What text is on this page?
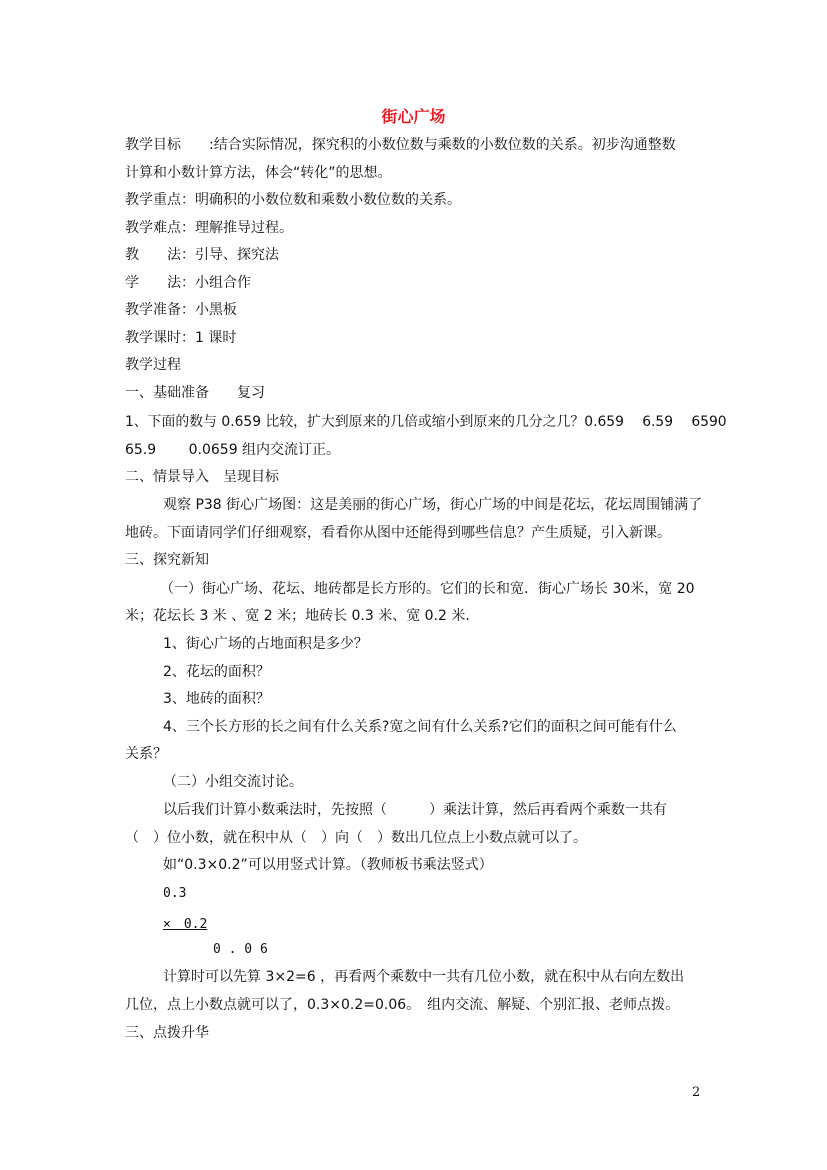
街心广场
教学目标　　:结合实际情况，探究积的小数位数与乘数的小数位数的关系。初步沟通整数
计算和小数计算方法，体会“转化”的思想。
教学重点：明确积的小数位数和乘数小数位数的关系。
教学难点：理解推导过程。
教　　法：引导、探究法
学　　法：小组合作
教学准备：小黑板
教学课时：1 课时
教学过程
一、基础准备　　复习
1、下面的数与 0.659 比较，扩大到原来的几倍或缩小到原来的几分之几？0.659　 6.59　 6590
65.9　　 0.0659 组内交流订正。
二、情景导入　呈现目标
观察 P38 街心广场图：这是美丽的街心广场，街心广场的中间是花坛，花坛周围铺满了
地砖。下面请同学们仔细观察，看看你从图中还能得到哪些信息？产生质疑，引入新课。
三、探究新知
（一）街心广场、花坛、地砖都是长方形的。它们的长和宽．街心广场长 30米，宽 20
米；花坛长 3 米 、宽 2 米；地砖长 0.3 米、宽 0.2 米.
1、街心广场的占地面积是多少？
2、花坛的面积？
3、地砖的面积？
4、三个长方形的长之间有什么关系?宽之间有什么关系?它们的面积之间可能有什么
关系？
（二）小组交流讨论。
以后我们计算小数乘法时，先按照（　　　）乘法计算，然后再看两个乘数一共有
（　）位小数，就在积中从（　）向（　）数出几位点上小数点就可以了。
如“0.3×0.2”可以用竖式计算。（教师板书乘法竖式）
0.3
×　0.2
0 . 0 6
计算时可以先算 3×2=6 ，再看两个乘数中一共有几位小数，就在积中从右向左数出
几位，点上小数点就可以了，0.3×0.2=0.06。　组内交流、解疑、个别汇报、老师点拨。
三、点拨升华
2
